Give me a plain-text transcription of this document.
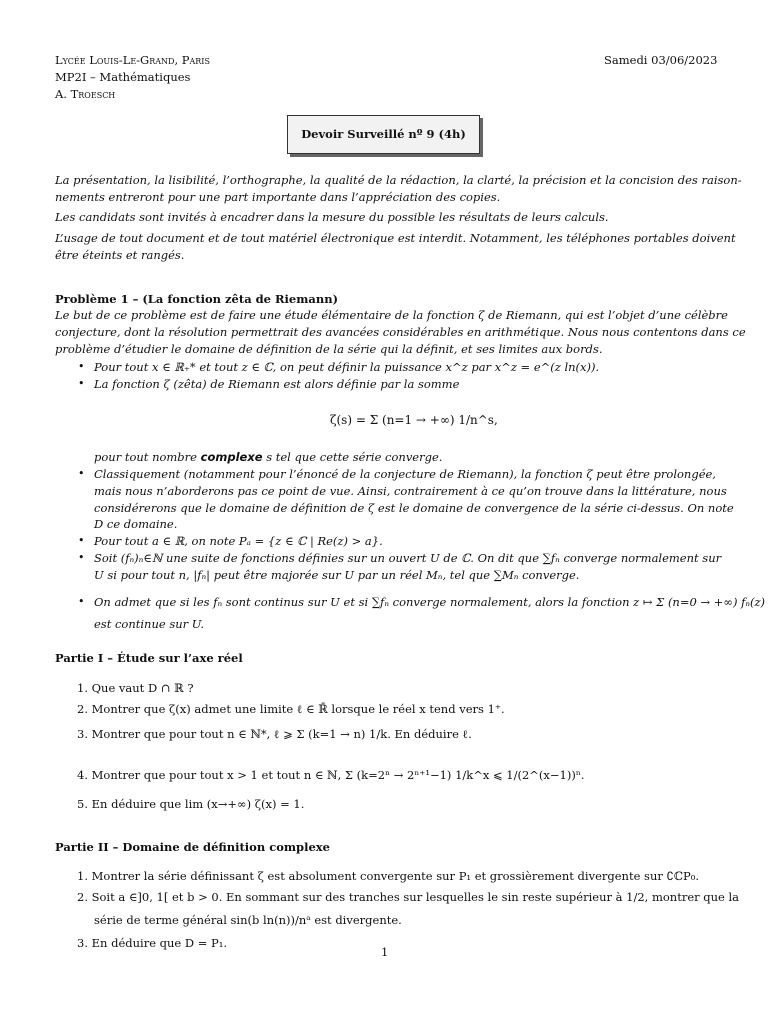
Lycée Louis-Le-Grand, Paris	Samedi 03/06/2023
MP2I – Mathématiques
A. Troesch
Devoir Surveillé nº 9 (4h)
La présentation, la lisibilité, l’orthographe, la qualité de la rédaction, la clarté, la précision et la concision des raison-
nements entreront pour une part importante dans l’appréciation des copies.
Les candidats sont invités à encadrer dans la mesure du possible les résultats de leurs calculs.
L’usage de tout document et de tout matériel électronique est interdit. Notamment, les téléphones portables doivent
être éteints et rangés.
Problème 1 – (La fonction zêta de Riemann)
Le but de ce problème est de faire une étude élémentaire de la fonction ζ de Riemann, qui est l’objet d’une célèbre
conjecture, dont la résolution permettrait des avancées considérables en arithmétique. Nous nous contentons dans ce
problème d’étudier le domaine de définition de la série qui la définit, et ses limites aux bords.
• Pour tout x ∈ ℝ₊* et tout z ∈ ℂ, on peut définir la puissance x^z par x^z = e^(z ln(x)).
• La fonction ζ (zêta) de Riemann est alors définie par la somme
ζ(s) = Σ (n=1 → +∞) 1/n^s,
pour tout nombre complexe s tel que cette série converge.
• Classiquement (notamment pour l’énoncé de la conjecture de Riemann), la fonction ζ peut être prolongée,
mais nous n’aborderons pas ce point de vue. Ainsi, contrairement à ce qu’on trouve dans la littérature, nous
considérerons que le domaine de définition de ζ est le domaine de convergence de la série ci-dessus. On note
D ce domaine.
• Pour tout a ∈ ℝ, on note Pₐ = {z ∈ ℂ | Re(z) > a}.
• Soit (fₙ)ₙ∈ℕ une suite de fonctions définies sur un ouvert U de ℂ. On dit que ∑fₙ converge normalement sur
U si pour tout n, |fₙ| peut être majorée sur U par un réel Mₙ, tel que ∑Mₙ converge.
• On admet que si les fₙ sont continus sur U et si ∑fₙ converge normalement, alors la fonction z ↦ Σ (n=0 → +∞) fₙ(z)
est continue sur U.
Partie I – Étude sur l’axe réel
1. Que vaut D ∩ ℝ ?
2. Montrer que ζ(x) admet une limite ℓ ∈ ℝ̄ lorsque le réel x tend vers 1⁺.
3. Montrer que pour tout n ∈ ℕ*, ℓ ⩾ Σ (k=1 → n) 1/k. En déduire ℓ.
4. Montrer que pour tout x > 1 et tout n ∈ ℕ, Σ (k=2ⁿ → 2ⁿ⁺¹−1) 1/k^x ⩽ 1/(2^(x−1))ⁿ.
5. En déduire que lim (x→+∞) ζ(x) = 1.
Partie II – Domaine de définition complexe
1. Montrer la série définissant ζ est absolument convergente sur P₁ et grossièrement divergente sur ∁ℂP₀.
2. Soit a ∈]0, 1[ et b > 0. En sommant sur des tranches sur lesquelles le sin reste supérieur à 1/2, montrer que la
série de terme général sin(b ln(n))/nᵃ est divergente.
3. En déduire que D = P₁.
1
